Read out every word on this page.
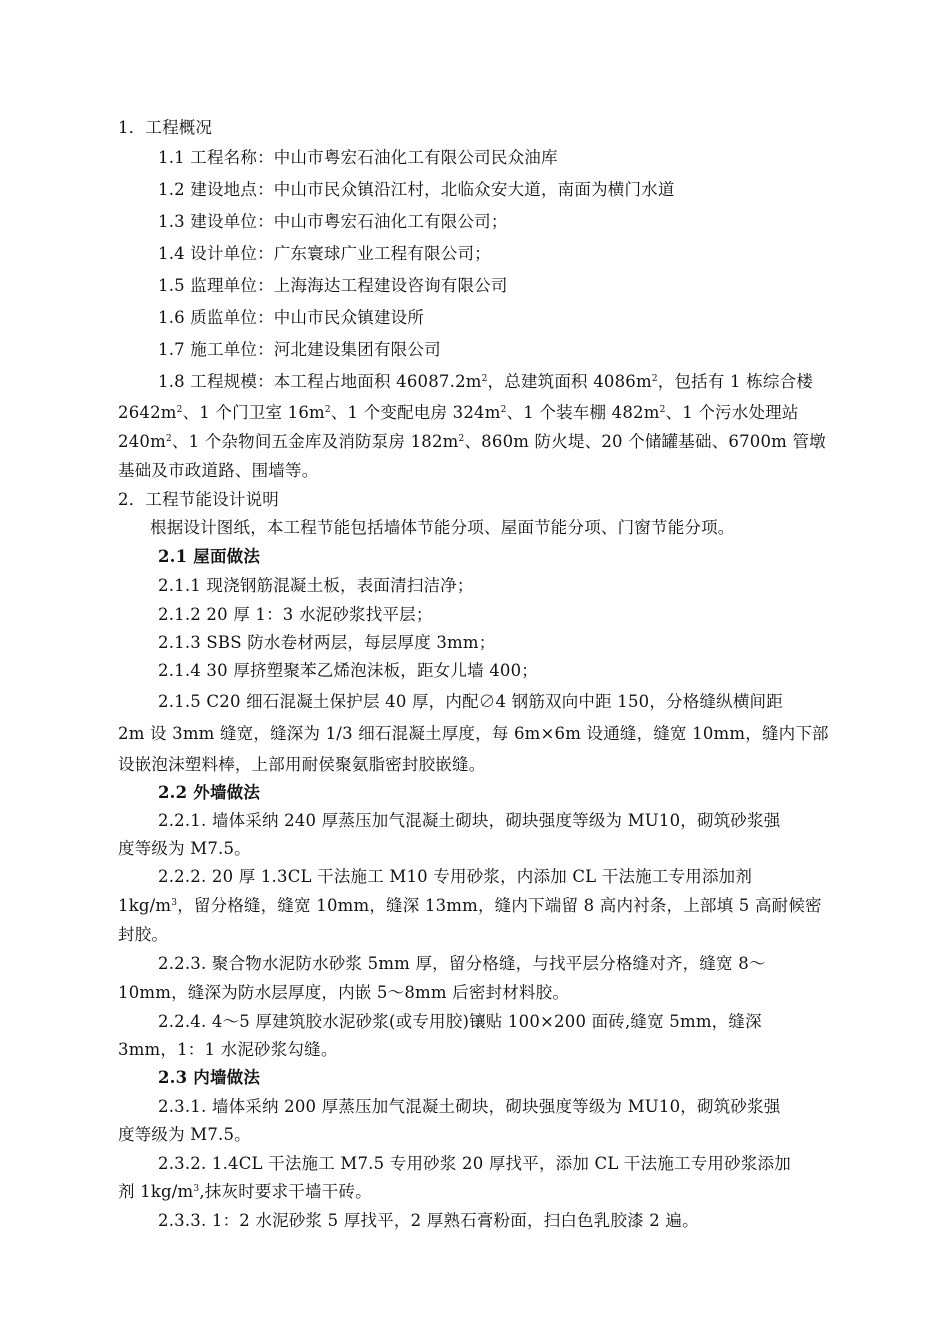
1．工程概况
1.1 工程名称：中山市粤宏石油化工有限公司民众油库
1.2 建设地点：中山市民众镇沿江村，北临众安大道，南面为横门水道
1.3 建设单位：中山市粤宏石油化工有限公司；
1.4 设计单位：广东寰球广业工程有限公司；
1.5 监理单位：上海海达工程建设咨询有限公司
1.6 质监单位：中山市民众镇建设所
1.7 施工单位：河北建设集团有限公司
1.8 工程规模：本工程占地面积 $46087.2m^2$，总建筑面积 $4086m^2$，包括有 1 栋综合楼
$2642m^2$、1 个门卫室 $16m^2$、1 个变配电房 $324m^2$、1 个装车棚 $482m^2$、1 个污水处理站
$240m^2$、1 个杂物间五金库及消防泵房 $182m^2$、860m 防火堤、20 个储罐基础、6700m 管墩
基础及市政道路、围墙等。
2．工程节能设计说明
根据设计图纸，本工程节能包括墙体节能分项、屋面节能分项、门窗节能分项。
2.1 屋面做法
2.1.1 现浇钢筋混凝土板，表面清扫洁净；
2.1.2 20 厚 1：3 水泥砂浆找平层；
2.1.3 SBS 防水卷材两层，每层厚度 3mm；
2.1.4 30 厚挤塑聚苯乙烯泡沫板，距女儿墙 400；
2.1.5 C20 细石混凝土保护层 40 厚，内配∅4 钢筋双向中距 150，分格缝纵横间距
2m 设 3mm 缝宽，缝深为 1/3 细石混凝土厚度，每 6m×6m 设通缝，缝宽 10mm，缝内下部
设嵌泡沫塑料棒，上部用耐侯聚氨脂密封胶嵌缝。
2.2 外墙做法
2.2.1. 墙体采纳 240 厚蒸压加气混凝土砌块，砌块强度等级为 MU10，砌筑砂浆强
度等级为 M7.5。
2.2.2. 20 厚 1.3CL 干法施工 M10 专用砂浆，内添加 CL 干法施工专用添加剂
$1kg/m^3$，留分格缝，缝宽 10mm，缝深 13mm，缝内下端留 8 高内衬条，上部填 5 高耐候密
封胶。
2.2.3. 聚合物水泥防水砂浆 5mm 厚，留分格缝，与找平层分格缝对齐，缝宽 8～
10mm，缝深为防水层厚度，内嵌 5～8mm 后密封材料胶。
2.2.4. 4～5 厚建筑胶水泥砂浆(或专用胶)镶贴 100×200 面砖,缝宽 5mm，缝深
3mm，1：1 水泥砂浆勾缝。
2.3 内墙做法
2.3.1. 墙体采纳 200 厚蒸压加气混凝土砌块，砌块强度等级为 MU10，砌筑砂浆强
度等级为 M7.5。
2.3.2. 1.4CL 干法施工 M7.5 专用砂浆 20 厚找平，添加 CL 干法施工专用砂浆添加
剂 $1kg/m^3$,抹灰时要求干墙干砖。
2.3.3. 1：2 水泥砂浆 5 厚找平，2 厚熟石膏粉面，扫白色乳胶漆 2 遍。
